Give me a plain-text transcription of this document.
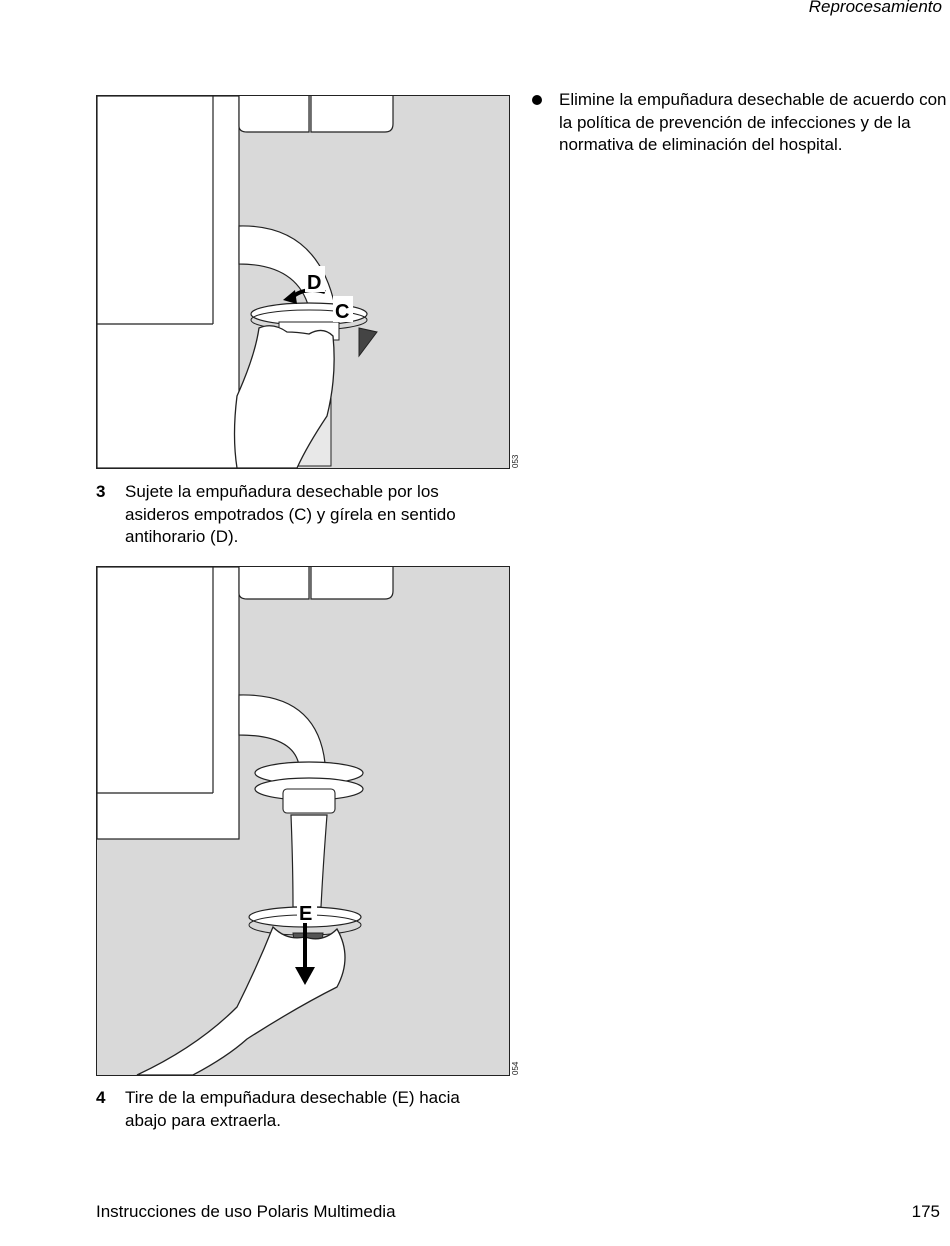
Reprocesamiento
D
C
053
3	Sujete la empuñadura desechable por los asideros empotrados (C) y gírela en sentido antihorario (D).
E
054
4	Tire de la empuñadura desechable (E) hacia abajo para extraerla.
Elimine la empuñadura desechable de acuerdo con la política de prevención de infecciones y de la normativa de eliminación del hospital.
Instrucciones de uso Polaris Multimedia	175
